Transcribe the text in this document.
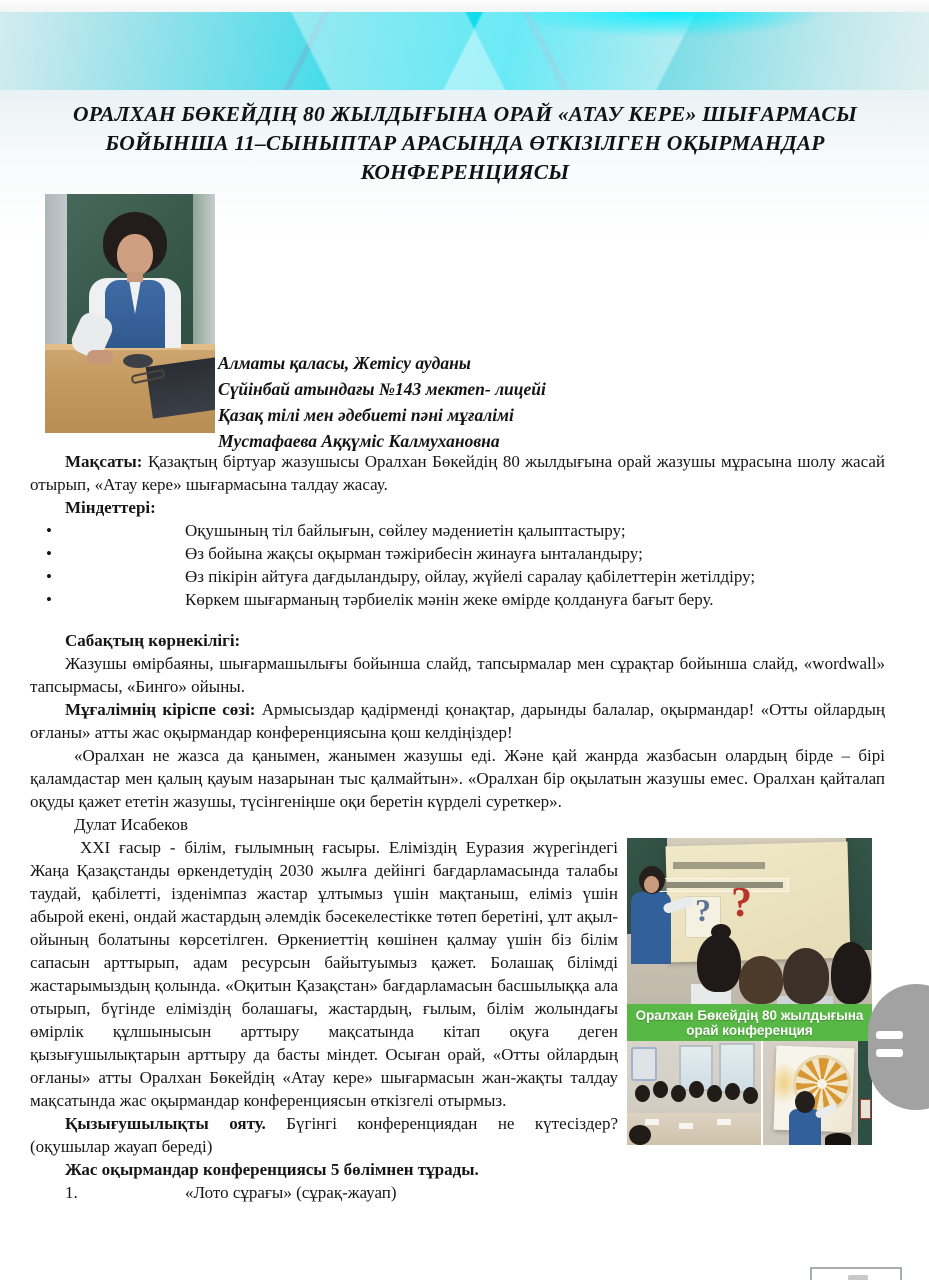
ОРАЛХАН БӨКЕЙДІҢ 80 ЖЫЛДЫҒЫНА ОРАЙ «АТАУ КЕРЕ» ШЫҒАРМАСЫ
БОЙЫНША 11–СЫНЫПТАР АРАСЫНДА ӨТКІЗІЛГЕН ОҚЫРМАНДАР
КОНФЕРЕНЦИЯСЫ
Алматы қаласы, Жетісу ауданы
Сүйінбай атындағы №143 мектеп- лицейі
Қазақ тілі мен әдебиеті пәні мұғалімі
Мустафаева Аққүміс Калмухановна

Мақсаты: Қазақтың біртуар жазушысы Оралхан Бөкейдің 80 жылдығына орай жазушы мұрасына шолу жасай отырып, «Атау кере» шығармасына талдау жасау.

Міндеттері:

• Оқушының тіл байлығын, сөйлеу мәдениетін қалыптастыру;

• Өз бойына жақсы оқырман тәжірибесін жинауға ынталандыру;

• Өз пікірін айтуға дағдыландыру, ойлау, жүйелі саралау қабілеттерін жетілдіру;

• Көркем шығарманың тәрбиелік мәнін жеке өмірде қолдануға бағыт беру.

Сабақтың көрнекілігі:

Жазушы өмірбаяны, шығармашылығы бойынша слайд, тапсырмалар мен сұрақтар бойынша слайд, «wordwall» тапсырмасы, «Бинго» ойыны.

Мұғалімнің кіріспе сөзі: Армысыздар қадірменді қонақтар, дарынды балалар, оқырмандар! «Отты ойлардың оғланы» атты жас оқырмандар конференциясына қош келдіңіздер!

«Оралхан не жазса да қанымен, жанымен жазушы еді. Және қай жанрда жазбасын олардың бірде – бірі қаламдастар мен қалың қауым назарынан тыс қалмайтын». «Оралхан бір оқылатын жазушы емес. Оралхан қайталап оқуды қажет ететін жазушы, түсінгеніңше оқи беретін күрделі суреткер».

Дулат Исабеков

?
?
Оралхан Бөкейдің 80 жылдығына орай конференция

XXI ғасыр - білім, ғылымның ғасыры. Еліміздің Еуразия жүрегіндегі Жаңа Қазақстанды өркендетудің 2030 жылға дейінгі бағдарламасында талабы таудай, қабілетті, ізденімпаз жастар ұлтымыз үшін мақтаныш, еліміз үшін абырой екені, ондай жастардың әлемдік бәсекелестікке төтеп беретіні, ұлт ақыл-ойының болатыны көрсетілген. Өркениеттің көшінен қалмау үшін біз білім сапасын арттырып, адам ресурсын байытуымыз қажет. Болашақ білімді жастарымыздың қолында. «Оқитын Қазақстан» бағдарламасын басшылыққа ала отырып, бүгінде еліміздің болашағы, жастардың, ғылым, білім жолындағы өмірлік құлшынысын арттыру мақсатында кітап оқуға деген қызығушылықтарын арттыру да басты міндет. Осыған орай, «Отты ойлардың оғланы» атты Оралхан Бөкейдің «Атау кере» шығармасын жан-жақты талдау мақсатында жас оқырмандар конференциясын өткізгелі отырмыз.

Қызығушылықты ояту. Бүгінгі конференциядан не күтесіздер? (оқушылар жауап береді)

Жас оқырмандар конференциясы 5 бөлімнен тұрады.

1.	«Лото сұрағы» (сұрақ-жауап)
